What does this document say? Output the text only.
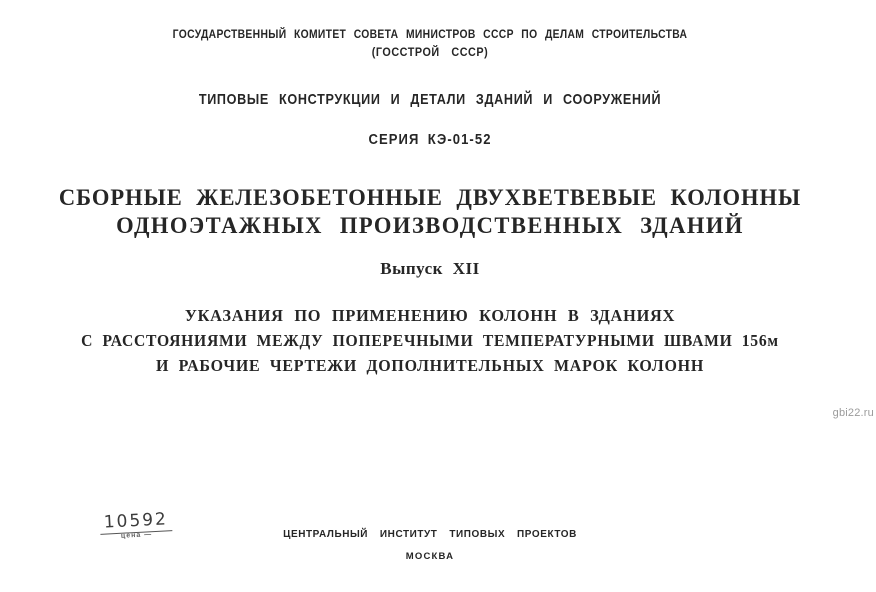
ГОСУДАРСТВЕННЫЙ КОМИТЕТ СОВЕТА МИНИСТРОВ СССР ПО ДЕЛАМ СТРОИТЕЛЬСТВА
(ГОССТРОЙ СССР)
ТИПОВЫЕ КОНСТРУКЦИИ И ДЕТАЛИ ЗДАНИЙ И СООРУЖЕНИЙ
СЕРИЯ КЭ-01-52
СБОРНЫЕ ЖЕЛЕЗОБЕТОННЫЕ ДВУХВЕТВЕВЫЕ КОЛОННЫ
ОДНОЭТАЖНЫХ ПРОИЗВОДСТВЕННЫХ ЗДАНИЙ
Выпуск XII
УКАЗАНИЯ ПО ПРИМЕНЕНИЮ КОЛОНН В ЗДАНИЯХ
С РАССТОЯНИЯМИ МЕЖДУ ПОПЕРЕЧНЫМИ ТЕМПЕРАТУРНЫМИ ШВАМИ 156м
И РАБОЧИЕ ЧЕРТЕЖИ ДОПОЛНИТЕЛЬНЫХ МАРОК КОЛОНН
gbi22.ru
10592
цена —	ЦЕНТРАЛЬНЫЙ ИНСТИТУТ ТИПОВЫХ ПРОЕКТОВ
МОСКВА
